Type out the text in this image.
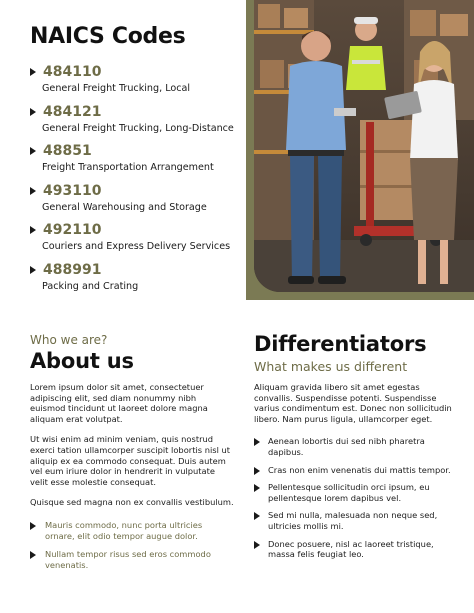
NAICS Codes
484110
General Freight Trucking, Local
484121
General Freight Trucking, Long-Distance
48851
Freight Transportation Arrangement
493110
General Warehousing and Storage
492110
Couriers and Express Delivery Services
488991
Packing and Crating
Who we are?
About us

Lorem ipsum dolor sit amet, consectetuer adipiscing elit, sed diam nonummy nibh euismod tincidunt ut laoreet dolore magna aliquam erat volutpat.

Ut wisi enim ad minim veniam, quis nostrud exerci tation ullamcorper suscipit lobortis nisl ut aliquip ex ea commodo consequat. Duis autem vel eum iriure dolor in hendrerit in vulputate velit esse molestie consequat.

Quisque sed magna non ex convallis vestibulum.

Mauris commodo, nunc porta ultricies ornare, elit odio tempor augue dolor.
Nullam tempor risus sed eros commodo venenatis.
Differentiators
What makes us different

Aliquam gravida libero sit amet egestas convallis. Suspendisse potenti. Suspendisse varius condimentum est. Donec non sollicitudin libero. Nam purus ligula, ullamcorper eget.

Aenean lobortis dui sed nibh pharetra dapibus.
Cras non enim venenatis dui mattis tempor.
Pellentesque sollicitudin orci ipsum, eu pellentesque lorem dapibus vel.
Sed mi nulla, malesuada non neque sed, ultricies mollis mi.
Donec posuere, nisl ac laoreet tristique, massa felis feugiat leo.
